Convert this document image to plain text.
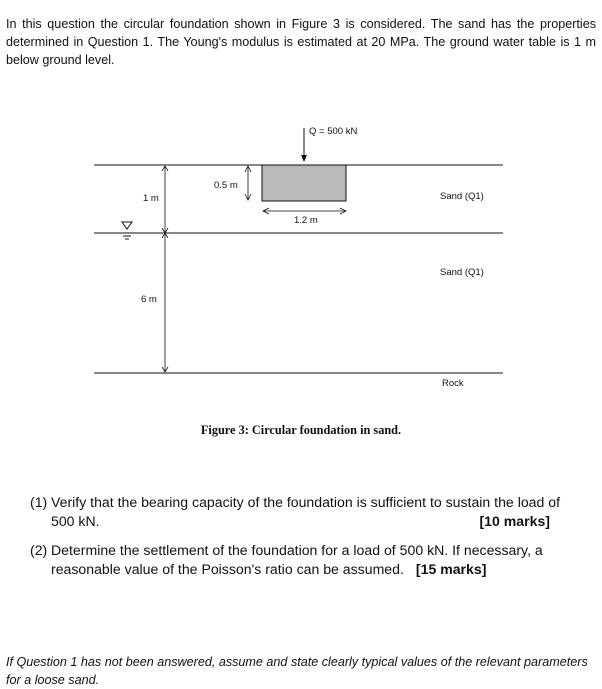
In this question the circular foundation shown in Figure 3 is considered. The sand has the properties determined in Question 1. The Young's modulus is estimated at 20 MPa. The ground water table is 1 m below ground level.

Q = 500 kN
0.5 m
1.2 m
1 m
6 m
Sand (Q1)
Sand (Q1)
Rock
Figure 3: Circular foundation in sand.
(1) Verify that the bearing capacity of the foundation is sufficient to sustain the load of 500 kN.	[10 marks]
(2) Determine the settlement of the foundation for a load of 500 kN. If necessary, a reasonable value of the Poisson's ratio can be assumed. [15 marks]

If Question 1 has not been answered, assume and state clearly typical values of the relevant parameters for a loose sand.
